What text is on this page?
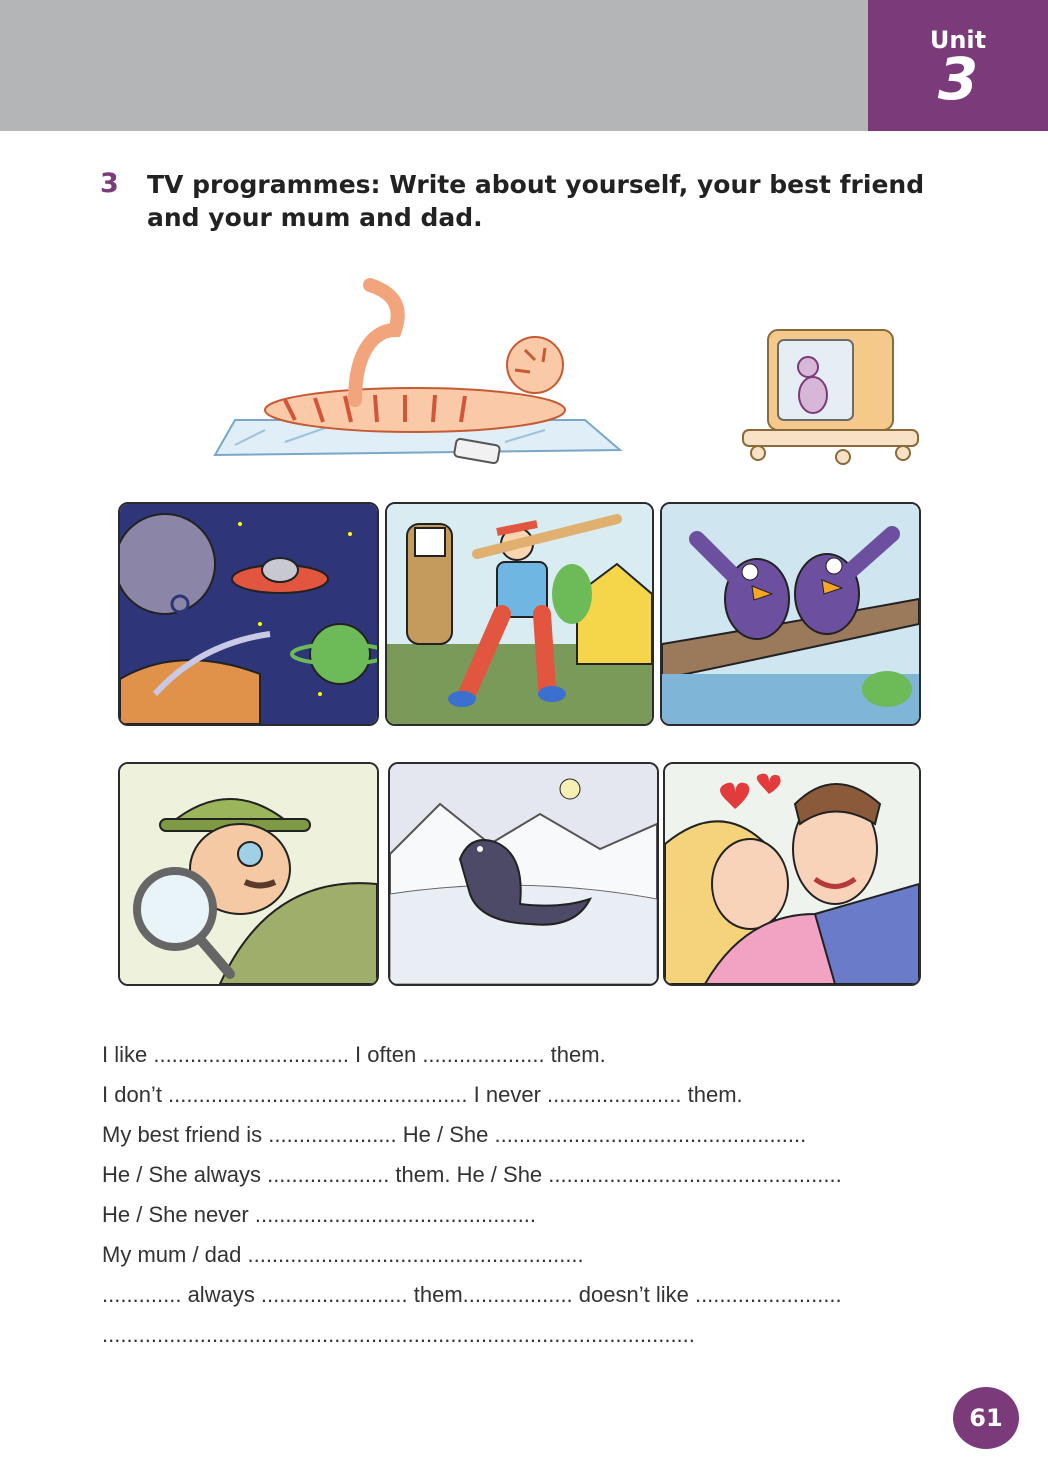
Unit
3
3 TV programmes: Write about yourself, your best friend
and your mum and dad.
I like ................................ I often .................... them.
I don’t ................................................. I never ...................... them.
My best friend is ..................... He / She ...................................................
He / She always .................... them. He / She ................................................
He / She never ..............................................
My mum / dad .......................................................
............. always ........................ them.................. doesn’t like ........................
.................................................................................................
61
